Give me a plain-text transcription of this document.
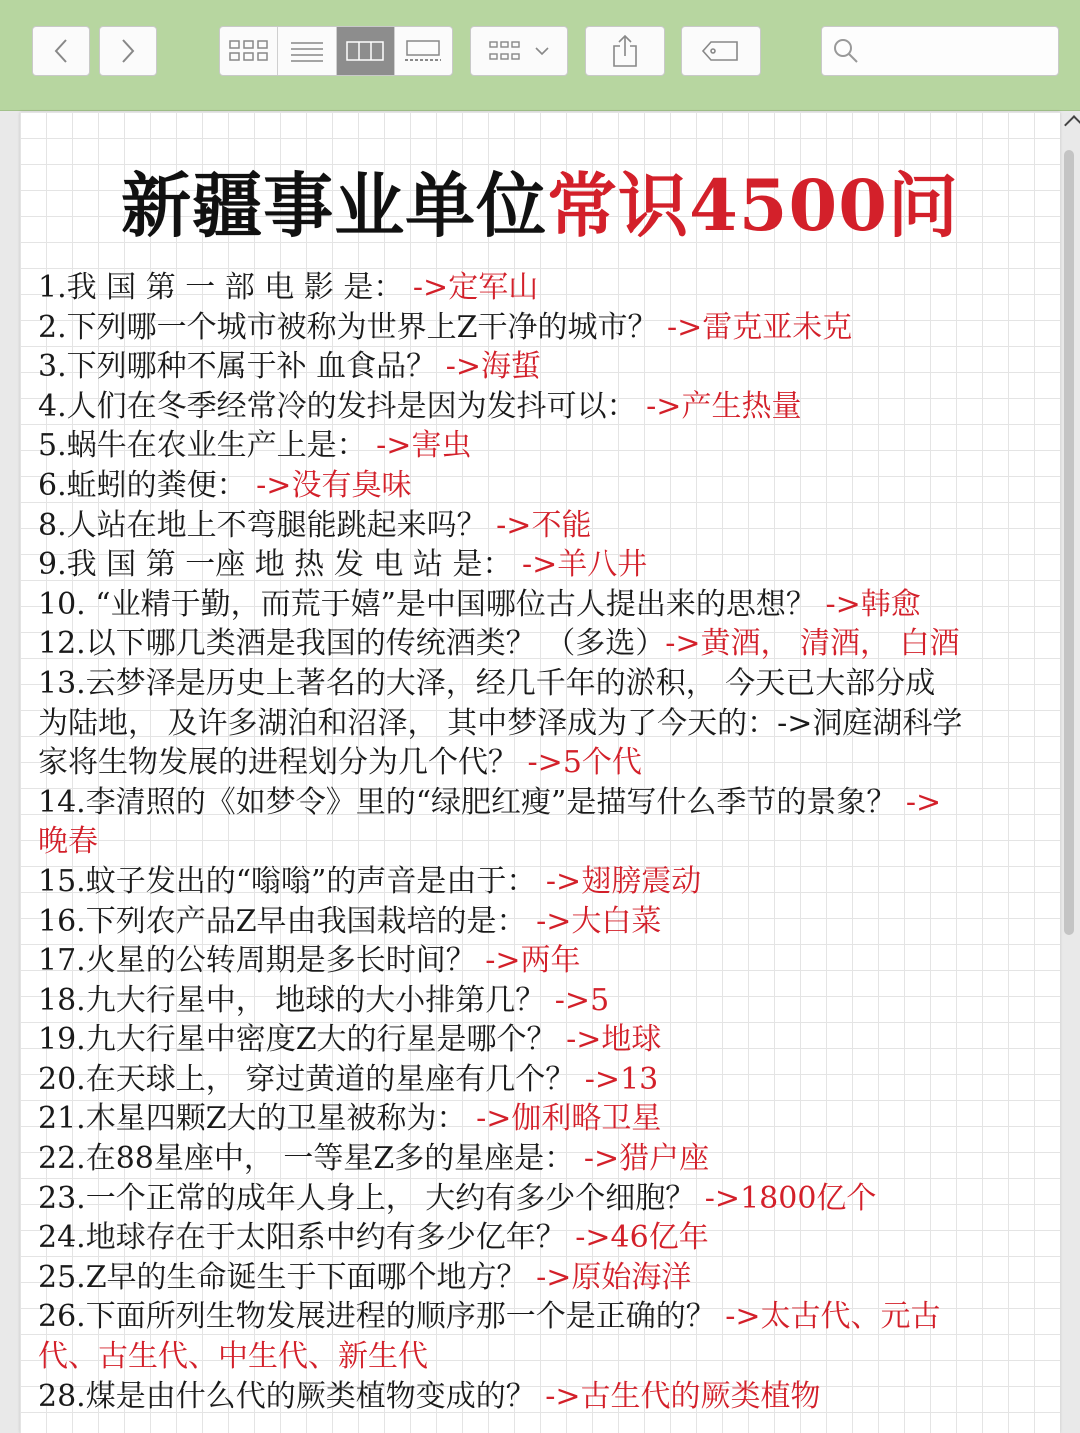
新疆事业单位常识4500问
1.我 国 第 一 部 电 影 是： ->定军山
2.下列哪一个城市被称为世界上Z干净的城市？ ->雷克亚未克
3.下列哪种不属于补 血食品？ ->海蜇
4.人们在冬季经常冷的发抖是因为发抖可以： ->产生热量
5.蜗牛在农业生产上是： ->害虫
6.蚯蚓的粪便： ->没有臭味
8.人站在地上不弯腿能跳起来吗？ ->不能
9.我 国 第 一座 地 热 发 电 站 是： ->羊八井
10. “业精于勤，而荒于嬉”是中国哪位古人提出来的思想？ ->韩愈
12.以下哪几类酒是我国的传统酒类？ （多选）->黄酒， 清酒， 白酒
13.云梦泽是历史上著名的大泽，经几千年的淤积， 今天已大部分成
为陆地， 及许多湖泊和沼泽， 其中梦泽成为了今天的：->洞庭湖科学
家将生物发展的进程划分为几个代？ ->5个代
14.李清照的《如梦令》里的“绿肥红瘦”是描写什么季节的景象？ ->
晚春
15.蚊子发出的“嗡嗡”的声音是由于： ->翅膀震动
16.下列农产品Z早由我国栽培的是： ->大白菜
17.火星的公转周期是多长时间？ ->两年
18.九大行星中， 地球的大小排第几？ ->5
19.九大行星中密度Z大的行星是哪个？ ->地球
20.在天球上， 穿过黄道的星座有几个？ ->13
21.木星四颗Z大的卫星被称为： ->伽利略卫星
22.在88星座中， 一等星Z多的星座是： ->猎户座
23.一个正常的成年人身上， 大约有多少个细胞？ ->1800亿个
24.地球存在于太阳系中约有多少亿年？ ->46亿年
25.Z早的生命诞生于下面哪个地方？ ->原始海洋
26.下面所列生物发展进程的顺序那一个是正确的？ ->太古代、元古
代、古生代、中生代、新生代
28.煤是由什么代的厥类植物变成的？ ->古生代的厥类植物
